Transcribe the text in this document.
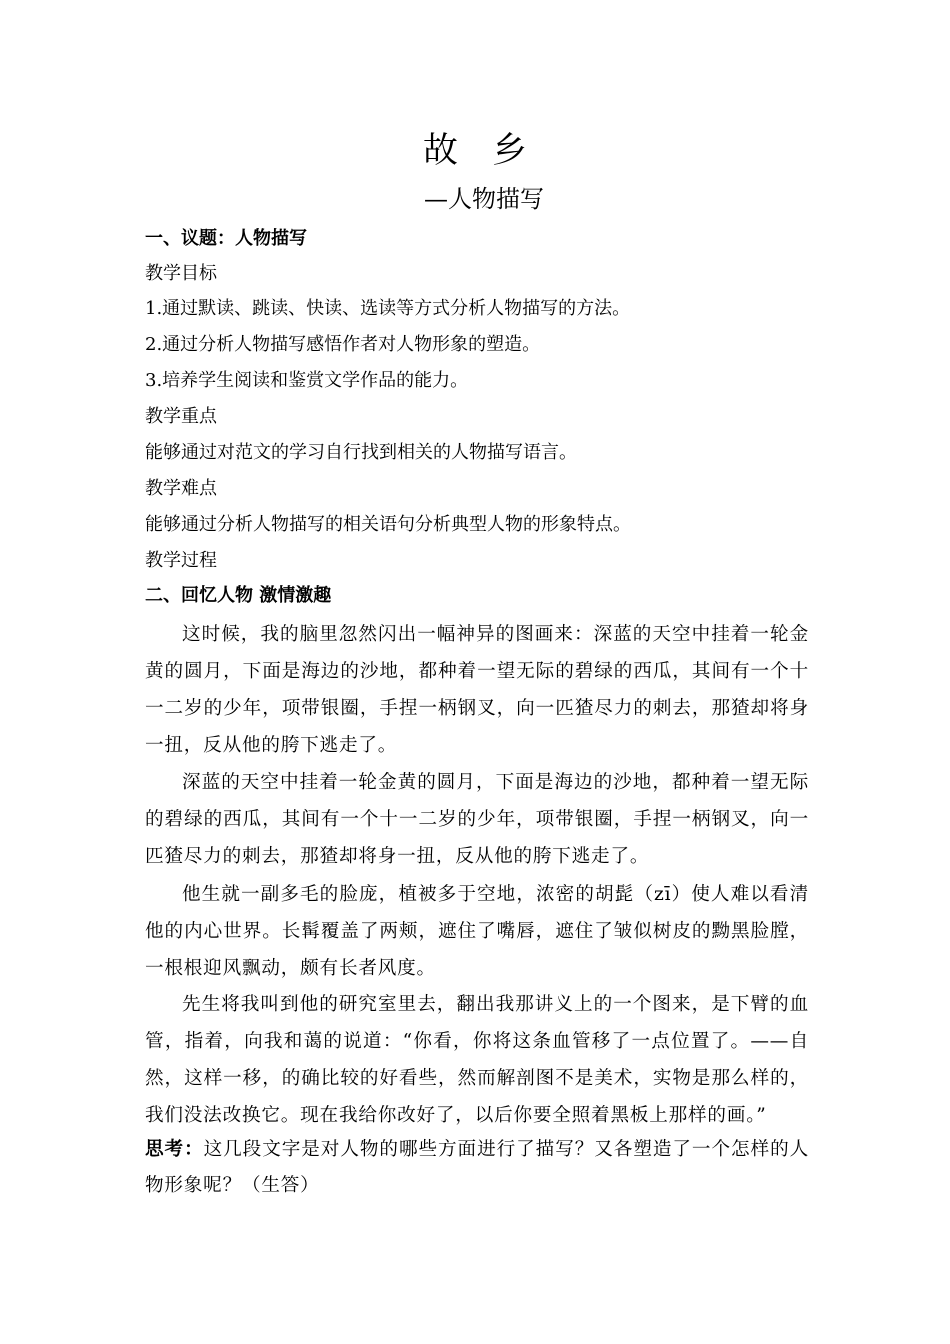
故乡
—人物描写
一、议题：人物描写
教学目标
1.通过默读、跳读、快读、选读等方式分析人物描写的方法。
2.通过分析人物描写感悟作者对人物形象的塑造。
3.培养学生阅读和鉴赏文学作品的能力。
教学重点
能够通过对范文的学习自行找到相关的人物描写语言。
教学难点
能够通过分析人物描写的相关语句分析典型人物的形象特点。
教学过程
二、回忆人物 激情激趣
这时候，我的脑里忽然闪出一幅神异的图画来：深蓝的天空中挂着一轮金黄的圆月，下面是海边的沙地，都种着一望无际的碧绿的西瓜，其间有一个十一二岁的少年，项带银圈，手捏一柄钢叉，向一匹猹尽力的刺去，那猹却将身一扭，反从他的胯下逃走了。
深蓝的天空中挂着一轮金黄的圆月，下面是海边的沙地，都种着一望无际的碧绿的西瓜，其间有一个十一二岁的少年，项带银圈，手捏一柄钢叉，向一匹猹尽力的刺去，那猹却将身一扭，反从他的胯下逃走了。
他生就一副多毛的脸庞，植被多于空地，浓密的胡髭（zī）使人难以看清他的内心世界。长髯覆盖了两颊，遮住了嘴唇，遮住了皱似树皮的黝黑脸膛，一根根迎风飘动，颇有长者风度。
先生将我叫到他的研究室里去，翻出我那讲义上的一个图来，是下臂的血管，指着，向我和蔼的说道：“你看，你将这条血管移了一点位置了。——自然，这样一移，的确比较的好看些，然而解剖图不是美术，实物是那么样的，我们没法改换它。现在我给你改好了，以后你要全照着黑板上那样的画。”
思考：这几段文字是对人物的哪些方面进行了描写？又各塑造了一个怎样的人物形象呢？（生答）
